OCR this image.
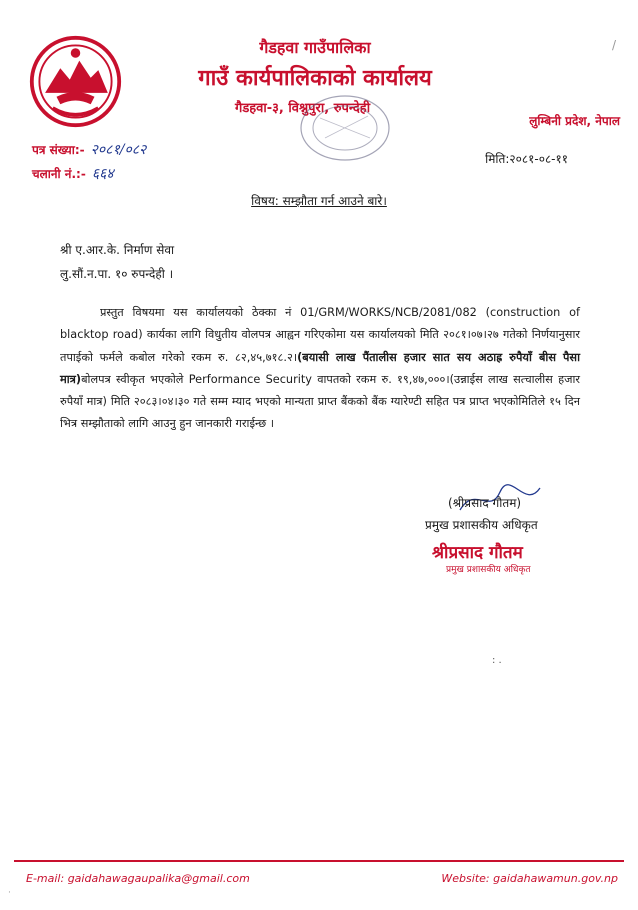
गैडहवा गाउँपालिका
गाउँ कार्यपालिकाको कार्यालय
गैडहवा-३, विश्नुपुरा, रुपन्देही
लुम्बिनी प्रदेश, नेपाल
/
पत्र संख्या:- २०८१/०८२
चलानी नं.:- ६६४
मिति:२०८१-०८-११
विषय: सम्झौता गर्न आउने बारे।
श्री ए.आर.के. निर्माण सेवा
लु.सौं.न.पा. १० रुपन्देही ।
प्रस्तुत विषयमा यस कार्यालयको ठेक्का नं 01/GRM/WORKS/NCB/2081/082 (construction of blacktop road) कार्यका लागि विधुतीय वोलपत्र आह्वन गरिएकोमा यस कार्यालयको मिति २०८१।०७।२७ गतेको निर्णयानुसार तपाईको फर्मले कबोल गरेको रकम रु. ८२,४५,७१८.२।(बयासी लाख पैंतालीस हजार सात सय अठाह्र रुपैयाँ बीस पैसा मात्र)बोलपत्र स्वीकृत भएकोले Performance Security वापतको रकम रु. १९,४७,०००।(उन्नाईस लाख सत्चालीस हजार रुपैयाँ मात्र) मिति २०८३।०४।३० गते सम्म म्याद भएको मान्यता प्राप्त बैंकको बैंक ग्यारेण्टी सहित पत्र प्राप्त भएकोमितिले १५ दिन भित्र सम्झौताको लागि आउनु हुन जानकारी गराईन्छ ।
(श्रीप्रसाद गौतम)
प्रमुख प्रशासकीय अधिकृत
श्रीप्रसाद गौतम
प्रमुख प्रशासकीय अधिकृत
: .
E-mail: gaidahawagaupalika@gmail.com	Website: gaidahawamun.gov.np
·
